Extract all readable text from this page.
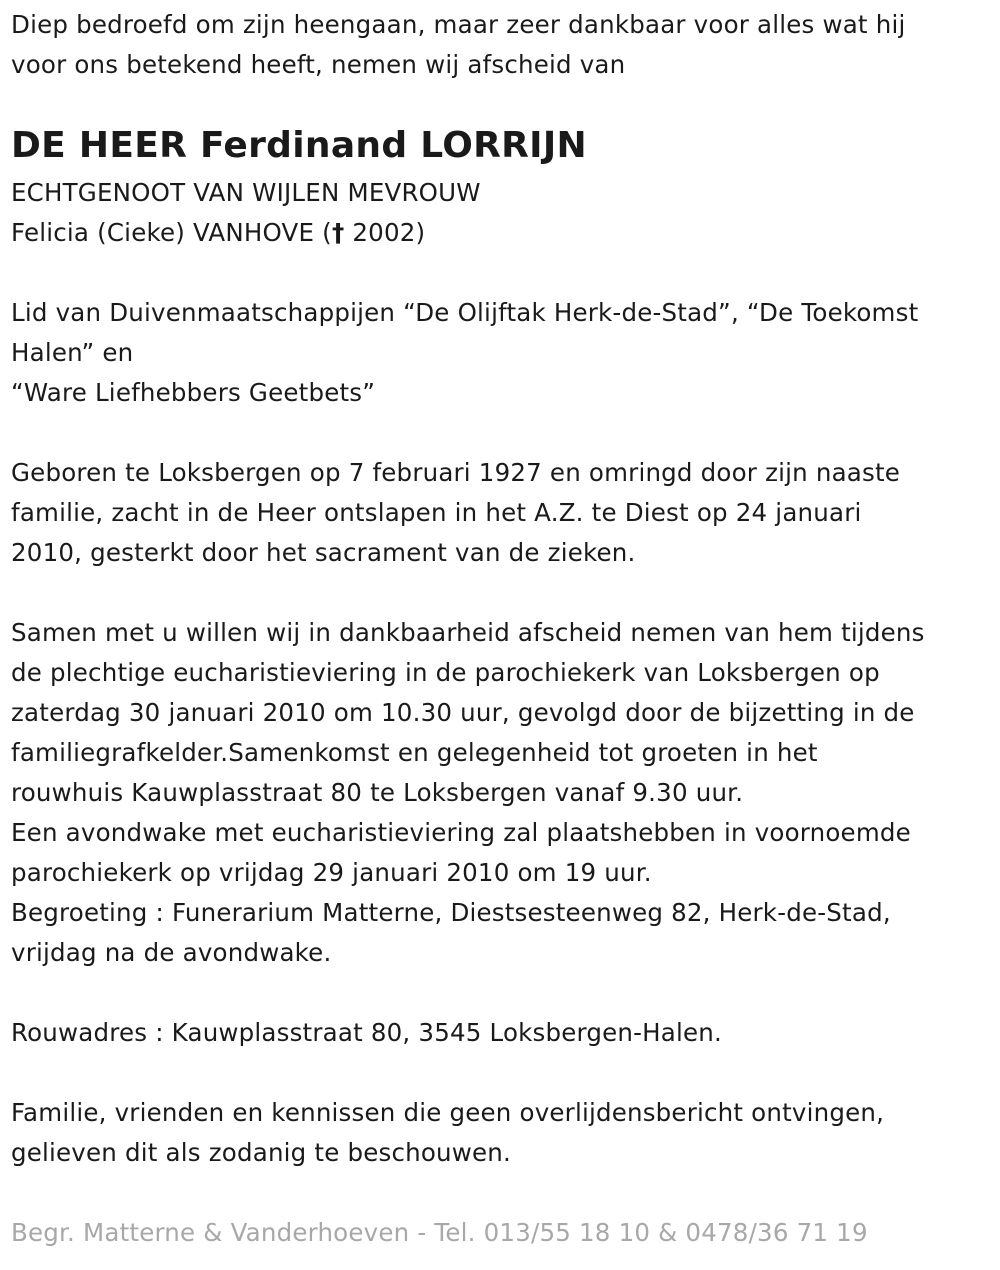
Diep bedroefd om zijn heengaan, maar zeer dankbaar voor alles wat hij
voor ons betekend heeft, nemen wij afscheid van
DE HEER Ferdinand LORRIJN
ECHTGENOOT VAN WIJLEN MEVROUW
Felicia (Cieke) VANHOVE († 2002)
Lid van Duivenmaatschappijen “De Olijftak Herk-de-Stad”, “De Toekomst
Halen” en
“Ware Liefhebbers Geetbets”
Geboren te Loksbergen op 7 februari 1927 en omringd door zijn naaste
familie, zacht in de Heer ontslapen in het A.Z. te Diest op 24 januari
2010, gesterkt door het sacrament van de zieken.
Samen met u willen wij in dankbaarheid afscheid nemen van hem tijdens
de plechtige eucharistieviering in de parochiekerk van Loksbergen op
zaterdag 30 januari 2010 om 10.30 uur, gevolgd door de bijzetting in de
familiegrafkelder.Samenkomst en gelegenheid tot groeten in het
rouwhuis Kauwplasstraat 80 te Loksbergen vanaf 9.30 uur.
Een avondwake met eucharistieviering zal plaatshebben in voornoemde
parochiekerk op vrijdag 29 januari 2010 om 19 uur.
Begroeting : Funerarium Matterne, Diestsesteenweg 82, Herk-de-Stad,
vrijdag na de avondwake.
Rouwadres : Kauwplasstraat 80, 3545 Loksbergen-Halen.
Familie, vrienden en kennissen die geen overlijdensbericht ontvingen,
gelieven dit als zodanig te beschouwen.
Begr. Matterne & Vanderhoeven - Tel. 013/55 18 10 & 0478/36 71 19
